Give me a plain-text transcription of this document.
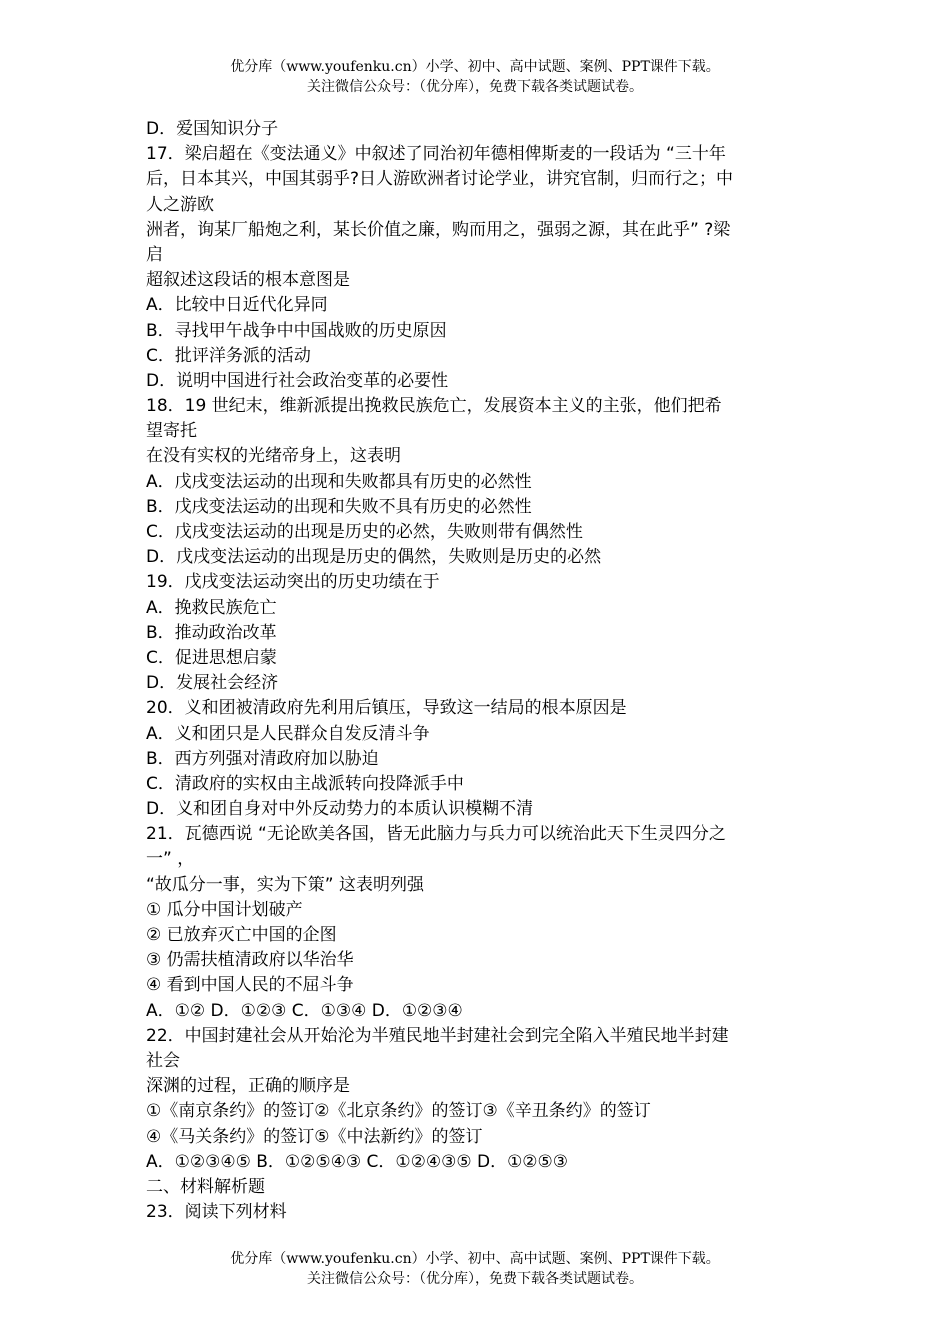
优分库（www.youfenku.cn）小学、初中、高中试题、案例、PPT课件下载。
关注微信公众号：（优分库），免费下载各类试题试卷。
D．爱国知识分子
17．梁启超在《变法通义》中叙述了同治初年德相俾斯麦的一段话为 “三十年
后，日本其兴，中国其弱乎?日人游欧洲者讨论学业，讲究官制，归而行之；中
人之游欧
洲者，询某厂船炮之利，某长价值之廉，购而用之，强弱之源，其在此乎” ?梁
启
超叙述这段话的根本意图是
A．比较中日近代化异同
B．寻找甲午战争中中国战败的历史原因
C．批评洋务派的活动
D．说明中国进行社会政治变革的必要性
18．19 世纪末，维新派提出挽救民族危亡，发展资本主义的主张，他们把希
望寄托
在没有实权的光绪帝身上，这表明
A．戊戌变法运动的出现和失败都具有历史的必然性
B．戊戌变法运动的出现和失败不具有历史的必然性
C．戊戌变法运动的出现是历史的必然，失败则带有偶然性
D．戊戌变法运动的出现是历史的偶然，失败则是历史的必然
19．戊戌变法运动突出的历史功绩在于
A．挽救民族危亡
B．推动政治改革
C．促进思想启蒙
D．发展社会经济
20．义和团被清政府先利用后镇压，导致这一结局的根本原因是
A．义和团只是人民群众自发反清斗争
B．西方列强对清政府加以胁迫
C．清政府的实权由主战派转向投降派手中
D．义和团自身对中外反动势力的本质认识模糊不清
21．瓦德西说 “无论欧美各国，皆无此脑力与兵力可以统治此天下生灵四分之
一” ，
“故瓜分一事，实为下策” 这表明列强
① 瓜分中国计划破产
② 已放弃灭亡中国的企图
③ 仍需扶植清政府以华治华
④ 看到中国人民的不屈斗争
A．①② D．①②③ C．①③④ D．①②③④
22．中国封建社会从开始沦为半殖民地半封建社会到完全陷入半殖民地半封建
社会
深渊的过程，正确的顺序是
①《南京条约》的签订②《北京条约》的签订③《辛丑条约》的签订
④《马关条约》的签订⑤《中法新约》的签订
A．①②③④⑤ B．①②⑤④③ C．①②④③⑤ D．①②⑤③
二、材料解析题
23．阅读下列材料
优分库（www.youfenku.cn）小学、初中、高中试题、案例、PPT课件下载。
关注微信公众号：（优分库），免费下载各类试题试卷。
